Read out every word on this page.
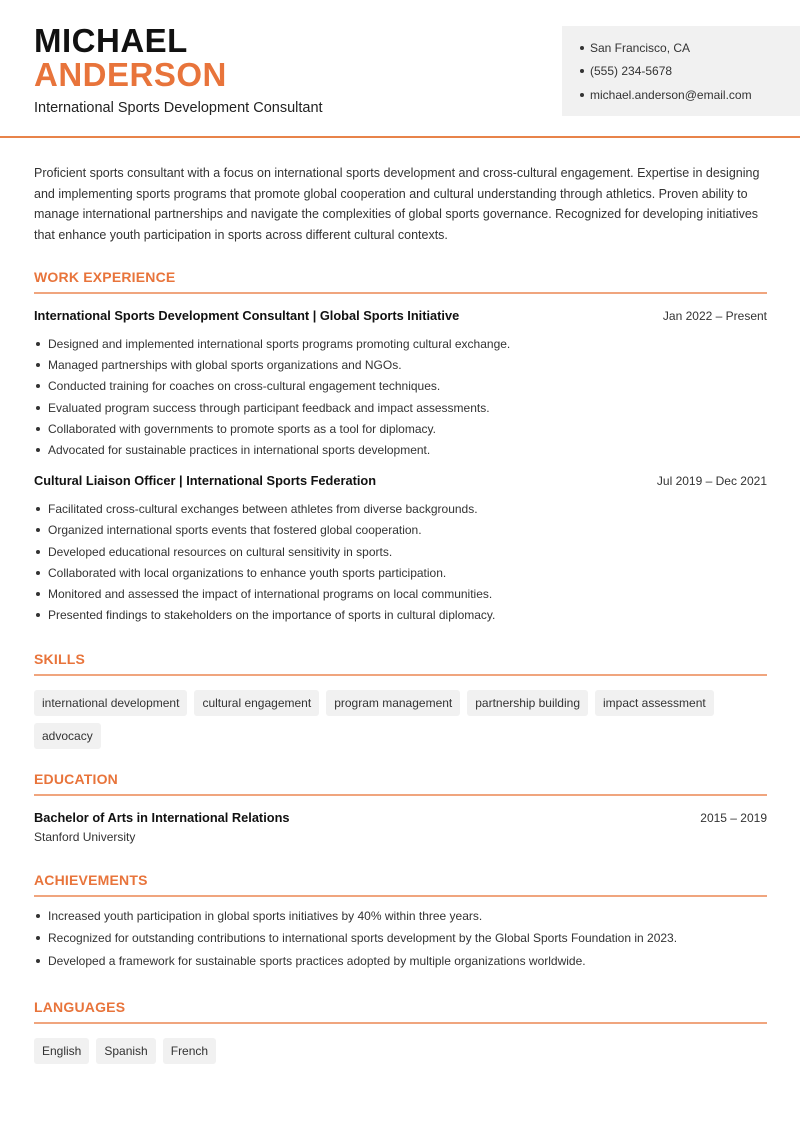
MICHAEL
ANDERSON
International Sports Development Consultant
San Francisco, CA
(555) 234-5678
michael.anderson@email.com

Proficient sports consultant with a focus on international sports development and cross-cultural engagement. Expertise in designing and implementing sports programs that promote global cooperation and cultural understanding through athletics. Proven ability to manage international partnerships and navigate the complexities of global sports governance. Recognized for developing initiatives that enhance youth participation in sports across different cultural contexts.

WORK EXPERIENCE
International Sports Development Consultant | Global Sports Initiative	Jan 2022 – Present
Designed and implemented international sports programs promoting cultural exchange.
Managed partnerships with global sports organizations and NGOs.
Conducted training for coaches on cross-cultural engagement techniques.
Evaluated program success through participant feedback and impact assessments.
Collaborated with governments to promote sports as a tool for diplomacy.
Advocated for sustainable practices in international sports development.
Cultural Liaison Officer | International Sports Federation	Jul 2019 – Dec 2021
Facilitated cross-cultural exchanges between athletes from diverse backgrounds.
Organized international sports events that fostered global cooperation.
Developed educational resources on cultural sensitivity in sports.
Collaborated with local organizations to enhance youth sports participation.
Monitored and assessed the impact of international programs on local communities.
Presented findings to stakeholders on the importance of sports in cultural diplomacy.
SKILLS
international development	cultural engagement	program management	partnership building	impact assessment
advocacy
EDUCATION
Bachelor of Arts in International Relations	2015 – 2019
Stanford University
ACHIEVEMENTS
Increased youth participation in global sports initiatives by 40% within three years.
Recognized for outstanding contributions to international sports development by the Global Sports Foundation in 2023.
Developed a framework for sustainable sports practices adopted by multiple organizations worldwide.
LANGUAGES
English	Spanish	French
